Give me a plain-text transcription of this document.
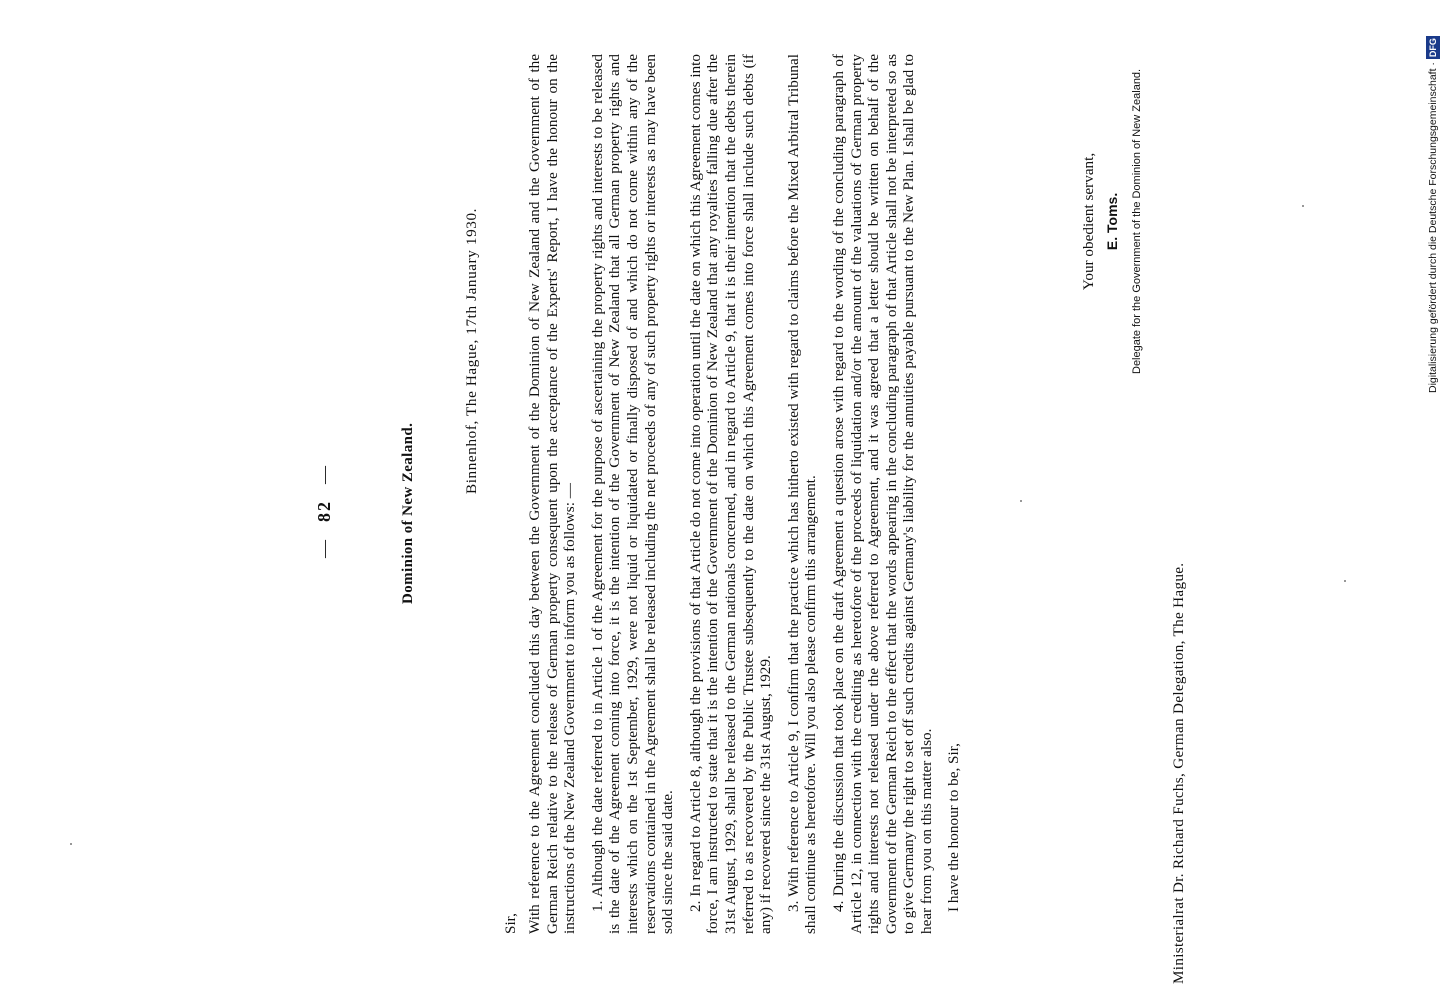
—82—	Dominion of New Zealand.
Binnenhof, The Hague, 17th January 1930.
Sir, With reference to the Agreement concluded this day between the Government of the Dominion of New Zealand and the Government of the German Reich relative to the release of German property consequent upon the acceptance of the Experts' Report, I have the honour on the instructions of the New Zealand Government to inform you as follows: — 1. Although the date referred to in Article 1 of the Agreement for the purpose of ascertaining the property rights and interests to be released is the date of the Agreement coming into force, it is the intention of the Government of New Zealand that all German property rights and interests which on the 1st September, 1929, were not liquid or liquidated or finally disposed of and which do not come within any of the reservations contained in the Agreement shall be released including the net proceeds of any of such property rights or interests as may have been sold since the said date. 2. In regard to Article 8, although the provisions of that Article do not come into operation until the date on which this Agreement comes into force, I am instructed to state that it is the intention of the Government of the Dominion of New Zealand that any royalties falling due after the 31st August, 1929, shall be released to the German nationals concerned, and in regard to Article 9, that it is their intention that the debts therein referred to as recovered by the Public Trustee subsequently to the date on which this Agreement comes into force shall include such debts (if any) if recovered since the 31st August, 1929. 3. With reference to Article 9, I confirm that the practice which has hitherto existed with regard to claims before the Mixed Arbitral Tribunal shall continue as heretofore. Will you also please confirm this arrangement. 4. During the discussion that took place on the draft Agreement a question arose with regard to the wording of the concluding paragraph of Article 12, in connection with the crediting as heretofore of the proceeds of liquidation and/or the amount of the valuations of German property rights and interests not released under the above referred to Agreement, and it was agreed that a letter should be written on behalf of the Government of the German Reich to the effect that the words appearing in the concluding paragraph of that Article shall not be interpreted so as to give Germany the right to set off such credits against Germany's liability for the annuities payable pursuant to the New Plan. I shall be glad to hear from you on this matter also. I have the honour to be, Sir,

Your obedient servant, E. Toms. Delegate for the Government of the Dominion of New Zealand.
Ministerialrat Dr. Richard Fuchs, German Delegation, The Hague.
Digitalisierung gefördert durch die Deutsche Forschungsgemeinschaft ·DFG
